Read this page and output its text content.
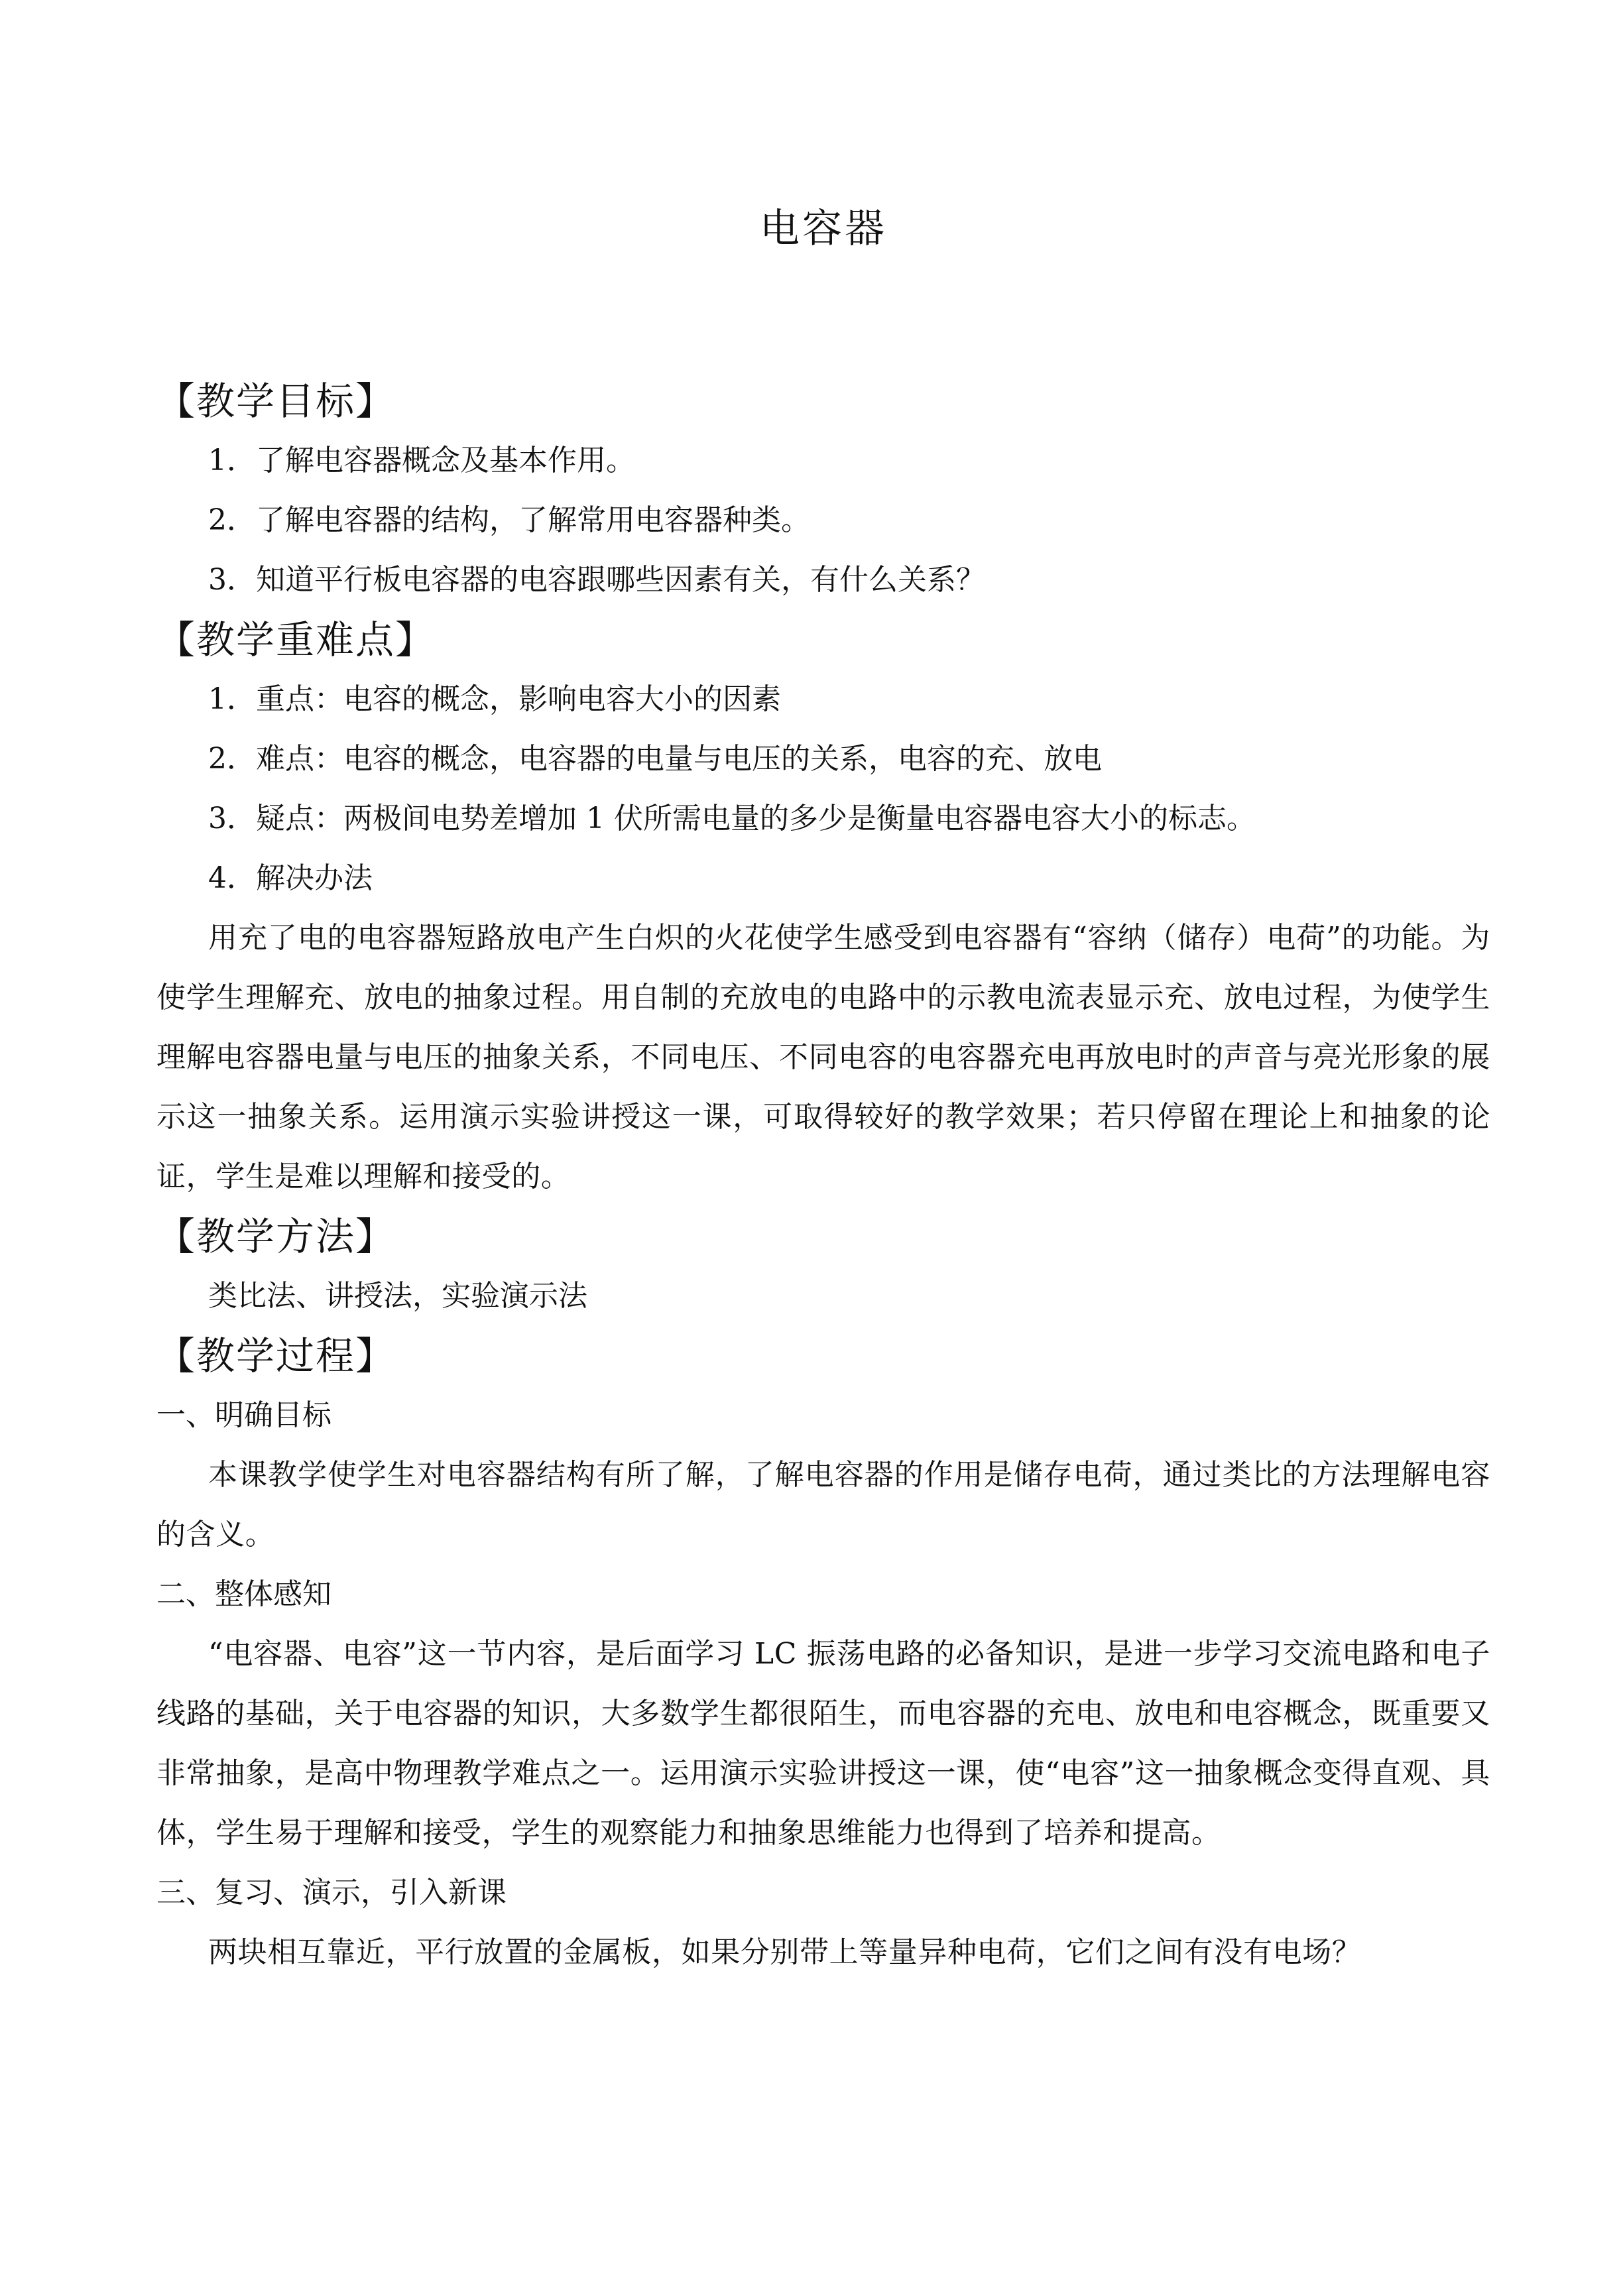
电容器
【教学目标】
1．了解电容器概念及基本作用。
2．了解电容器的结构，了解常用电容器种类。
3．知道平行板电容器的电容跟哪些因素有关，有什么关系？
【教学重难点】
1．重点：电容的概念，影响电容大小的因素
2．难点：电容的概念，电容器的电量与电压的关系，电容的充、放电
3．疑点：两极间电势差增加 1 伏所需电量的多少是衡量电容器电容大小的标志。
4．解决办法

用充了电的电容器短路放电产生白炽的火花使学生感受到电容器有“容纳（储存）电荷”的功能。为使学生理解充、放电的抽象过程。用自制的充放电的电路中的示教电流表显示充、放电过程，为使学生理解电容器电量与电压的抽象关系，不同电压、不同电容的电容器充电再放电时的声音与亮光形象的展示这一抽象关系。运用演示实验讲授这一课，可取得较好的教学效果；若只停留在理论上和抽象的论证，学生是难以理解和接受的。

【教学方法】
类比法、讲授法，实验演示法
【教学过程】
一、明确目标

本课教学使学生对电容器结构有所了解，了解电容器的作用是储存电荷，通过类比的方法理解电容的含义。

二、整体感知

“电容器、电容”这一节内容，是后面学习 LC 振荡电路的必备知识，是进一步学习交流电路和电子线路的基础，关于电容器的知识，大多数学生都很陌生，而电容器的充电、放电和电容概念，既重要又非常抽象，是高中物理教学难点之一。运用演示实验讲授这一课，使“电容”这一抽象概念变得直观、具体，学生易于理解和接受，学生的观察能力和抽象思维能力也得到了培养和提高。

三、复习、演示，引入新课

两块相互靠近，平行放置的金属板，如果分别带上等量异种电荷，它们之间有没有电场？
